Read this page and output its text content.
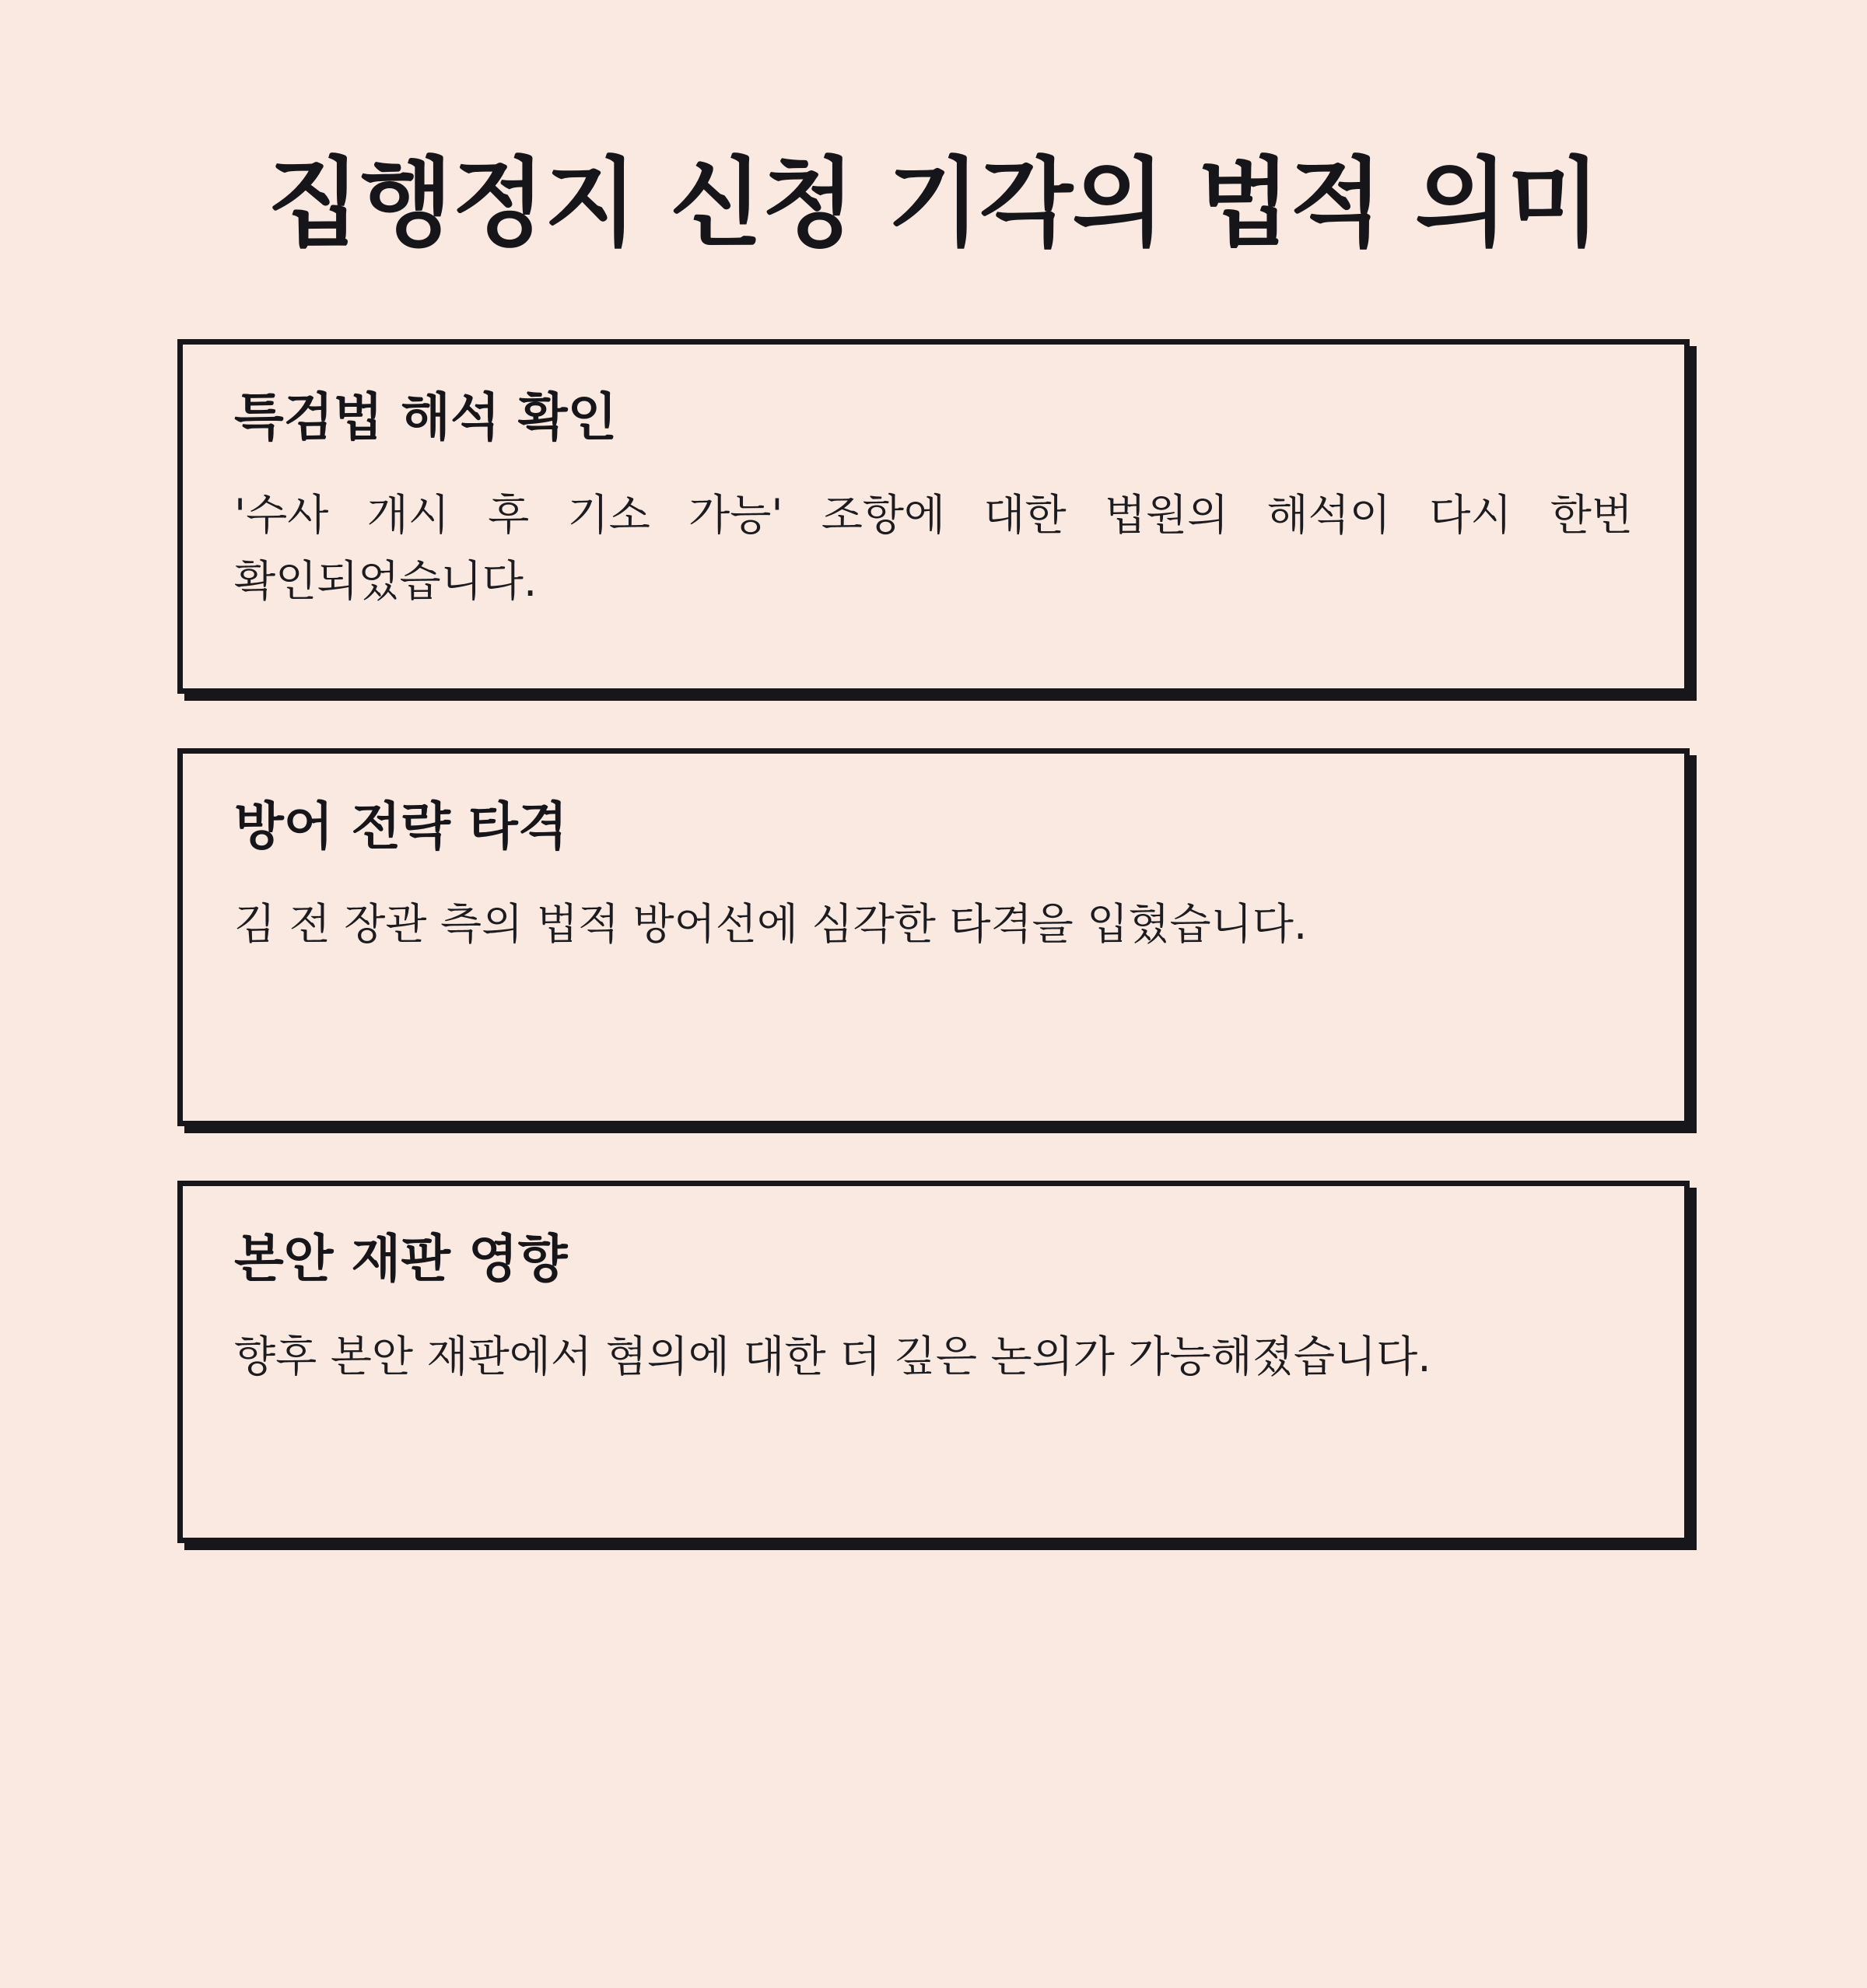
집행정지 신청 기각의 법적 의미
특검법 해석 확인

'수사 개시 후 기소 가능' 조항에 대한 법원의 해석이 다시 한번 확인되었습니다.

방어 전략 타격

김 전 장관 측의 법적 방어선에 심각한 타격을 입혔습니다.

본안 재판 영향

향후 본안 재판에서 혐의에 대한 더 깊은 논의가 가능해졌습니다.
